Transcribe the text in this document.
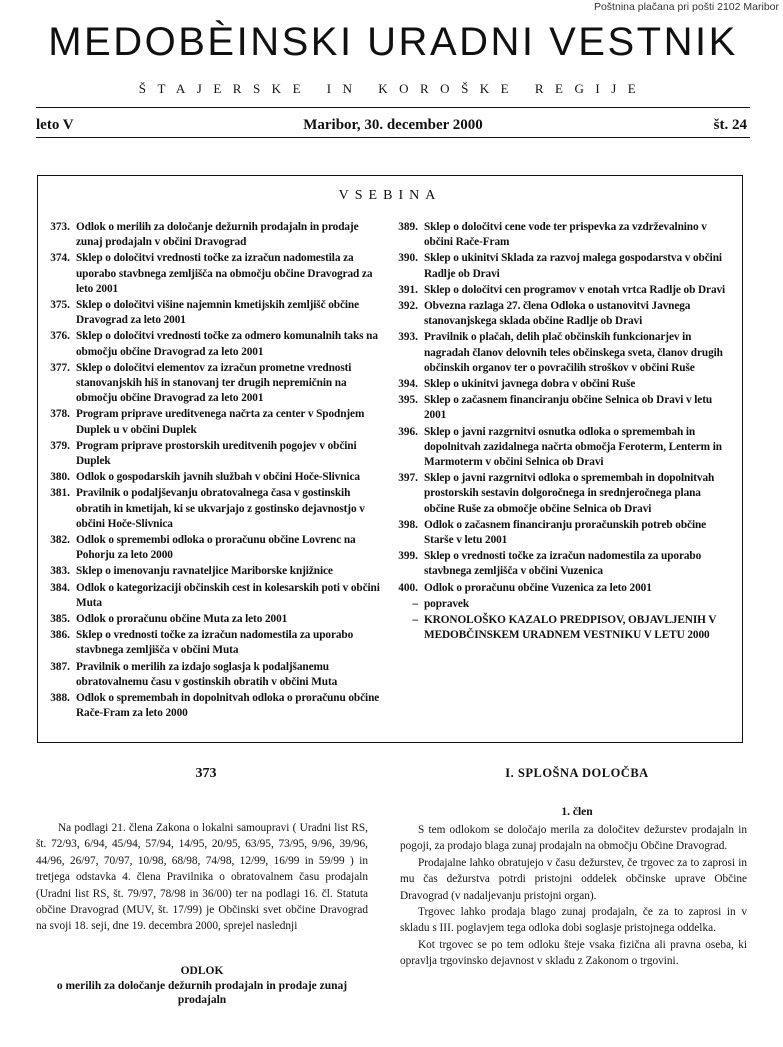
Poštnina plačana pri pošti 2102 Maribor
MEDOBÈINSKI URADNI VESTNIK
ŠTAJERSKE IN KOROŠKE REGIJE
leto V	Maribor, 30. december 2000	št. 24
VSEBINA
373. Odlok o merilih za določanje dežurnih prodajaln in prodaje zunaj prodajaln v občini Dravograd
374. Sklep o določitvi vrednosti točke za izračun nadomestila za uporabo stavbnega zemljišča na območju občine Dravograd za leto 2001
375. Sklep o določitvi višine najemnin kmetijskih zemljišč občine Dravograd za leto 2001
376. Sklep o določitvi vrednosti točke za odmero komunalnih taks na območju občine Dravograd za leto 2001
377. Sklep o določitvi elementov za izračun prometne vrednosti stanovanjskih hiš in stanovanj ter drugih nepremičnin na območju občine Dravograd za leto 2001
378. Program priprave ureditvenega načrta za center v Spodnjem Duplek u v občini Duplek
379. Program priprave prostorskih ureditvenih pogojev v občini Duplek
380. Odlok o gospodarskih javnih službah v občini Hoče-Slivnica
381. Pravilnik o podaljševanju obratovalnega časa v gostinskih obratih in kmetijah, ki se ukvarjajo z gostinsko dejavnostjo v občini Hoče-Slivnica
382. Odlok o spremembi odloka o proračunu občine Lovrenc na Pohorju za leto 2000
383. Sklep o imenovanju ravnateljice Mariborske knjižnice
384. Odlok o kategorizaciji občinskih cest in kolesarskih poti v občini Muta
385. Odlok o proračunu občine Muta za leto 2001
386. Sklep o vrednosti točke za izračun nadomestila za uporabo stavbnega zemljišča v občini Muta
387. Pravilnik o merilih za izdajo soglasja k podaljšanemu obratovalnemu času v gostinskih obratih v občini Muta
388. Odlok o spremembah in dopolnitvah odloka o proračunu občine Rače-Fram za leto 2000
389. Sklep o določitvi cene vode ter prispevka za vzdrževalnino v občini Rače-Fram
390. Sklep o ukinitvi Sklada za razvoj malega gospodarstva v občini Radlje ob Dravi
391. Sklep o določitvi cen programov v enotah vrtca Radlje ob Dravi
392. Obvezna razlaga 27. člena Odloka o ustanovitvi Javnega stanovanjskega sklada občine Radlje ob Dravi
393. Pravilnik o plačah, delih plač občinskih funkcionarjev in nagradah članov delovnih teles občinskega sveta, članov drugih občinskih organov ter o povračilih stroškov v občini Ruše
394. Sklep o ukinitvi javnega dobra v občini Ruše
395. Sklep o začasnem financiranju občine Selnica ob Dravi v letu 2001
396. Sklep o javni razgrnitvi osnutka odloka o spremembah in dopolnitvah zazidalnega načrta območja Feroterm, Lenterm in Marmoterm v občini Selnica ob Dravi
397. Sklep o javni razgrnitvi odloka o spremembah in dopolnitvah prostorskih sestavin dolgoročnega in srednjeročnega plana občine Ruše za območje občine Selnica ob Dravi
398. Odlok o začasnem financiranju proračunskih potreb občine Starše v letu 2001
399. Sklep o vrednosti točke za izračun nadomestila za uporabo stavbnega zemljišča v občini Vuzenica
400. Odlok o proračunu občine Vuzenica za leto 2001
– popravek
– KRONOLOŠKO KAZALO PREDPISOV, OBJAVLJENIH V MEDOBČINSKEM URADNEM VESTNIKU V LETU 2000
373	I. SPLOŠNA DOLOČBA

Na podlagi 21. člena Zakona o lokalni samoupravi ( Uradni list RS, št. 72/93, 6/94, 45/94, 57/94, 14/95, 20/95, 63/95, 73/95, 9/96, 39/96, 44/96, 26/97, 70/97, 10/98, 68/98, 74/98, 12/99, 16/99 in 59/99 ) in tretjega odstavka 4. člena Pravilnika o obratovalnem času prodajaln (Uradni list RS, št. 79/97, 78/98 in 36/00) ter na podlagi 16. čl. Statuta občine Dravograd (MUV, št. 17/99) je Občinski svet občine Dravograd na svoji 18. seji, dne 19. decembra 2000, sprejel naslednji

ODLOK
o merilih za določanje dežurnih prodajaln in prodaje zunaj prodajaln
1. člen

S tem odlokom se določajo merila za določitev dežurstev prodajaln in pogoji, za prodajo blaga zunaj prodajaln na območju Občine Dravograd.

Prodajalne lahko obratujejo v času dežurstev, če trgovec za to zaprosi in mu čas dežurstva potrdi pristojni oddelek občinske uprave Občine Dravograd (v nadaljevanju pristojni organ).

Trgovec lahko prodaja blago zunaj prodajaln, če za to zaprosi in v skladu s III. poglavjem tega odloka dobi soglasje pristojnega oddelka.

Kot trgovec se po tem odloku šteje vsaka fizična ali pravna oseba, ki opravlja trgovinsko dejavnost v skladu z Zakonom o trgovini.
